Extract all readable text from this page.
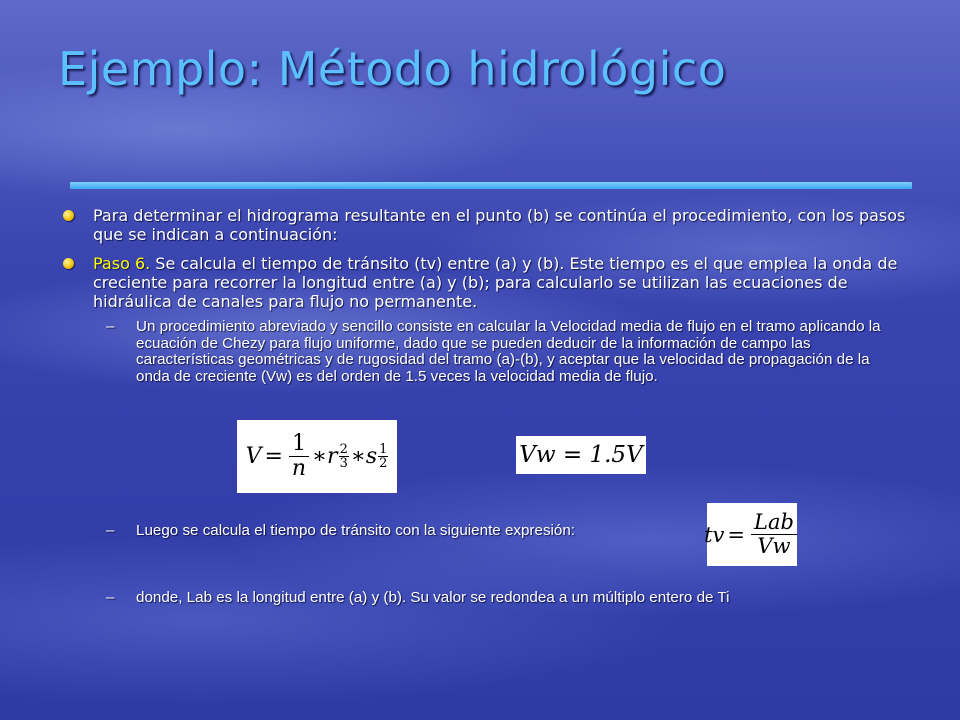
Ejemplo: Método hidrológico
Para determinar el hidrograma resultante en el punto (b) se continúa el procedimiento, con los pasos que se indican a continuación:
Paso 6. Se calcula el tiempo de tránsito (tv) entre (a) y (b). Este tiempo es el que emplea la onda de creciente para recorrer la longitud entre (a) y (b); para calcularlo se utilizan las ecuaciones de hidráulica de canales para flujo no permanente.
– Un procedimiento abreviado y sencillo consiste en calcular la Velocidad media de flujo en el tramo aplicando la ecuación de Chezy para flujo uniforme, dado que se pueden deducir de la información de campo las características geométricas y de rugosidad del tramo (a)-(b), y aceptar que la velocidad de propagación de la onda de creciente (Vw) es del orden de 1.5 veces la velocidad media de flujo.
$V = \frac{1}{n}$ ∗ r $\frac{2}{3}$ ∗ s $\frac{1}{2}$	Vw = 1.5V
– Luego se calcula el tiempo de tránsito con la siguiente expresión:	tv = $\frac{\text{Lab}}{Vw}$
– donde, Lab es la longitud entre (a) y (b). Su valor se redondea a un múltiplo entero de Ti
